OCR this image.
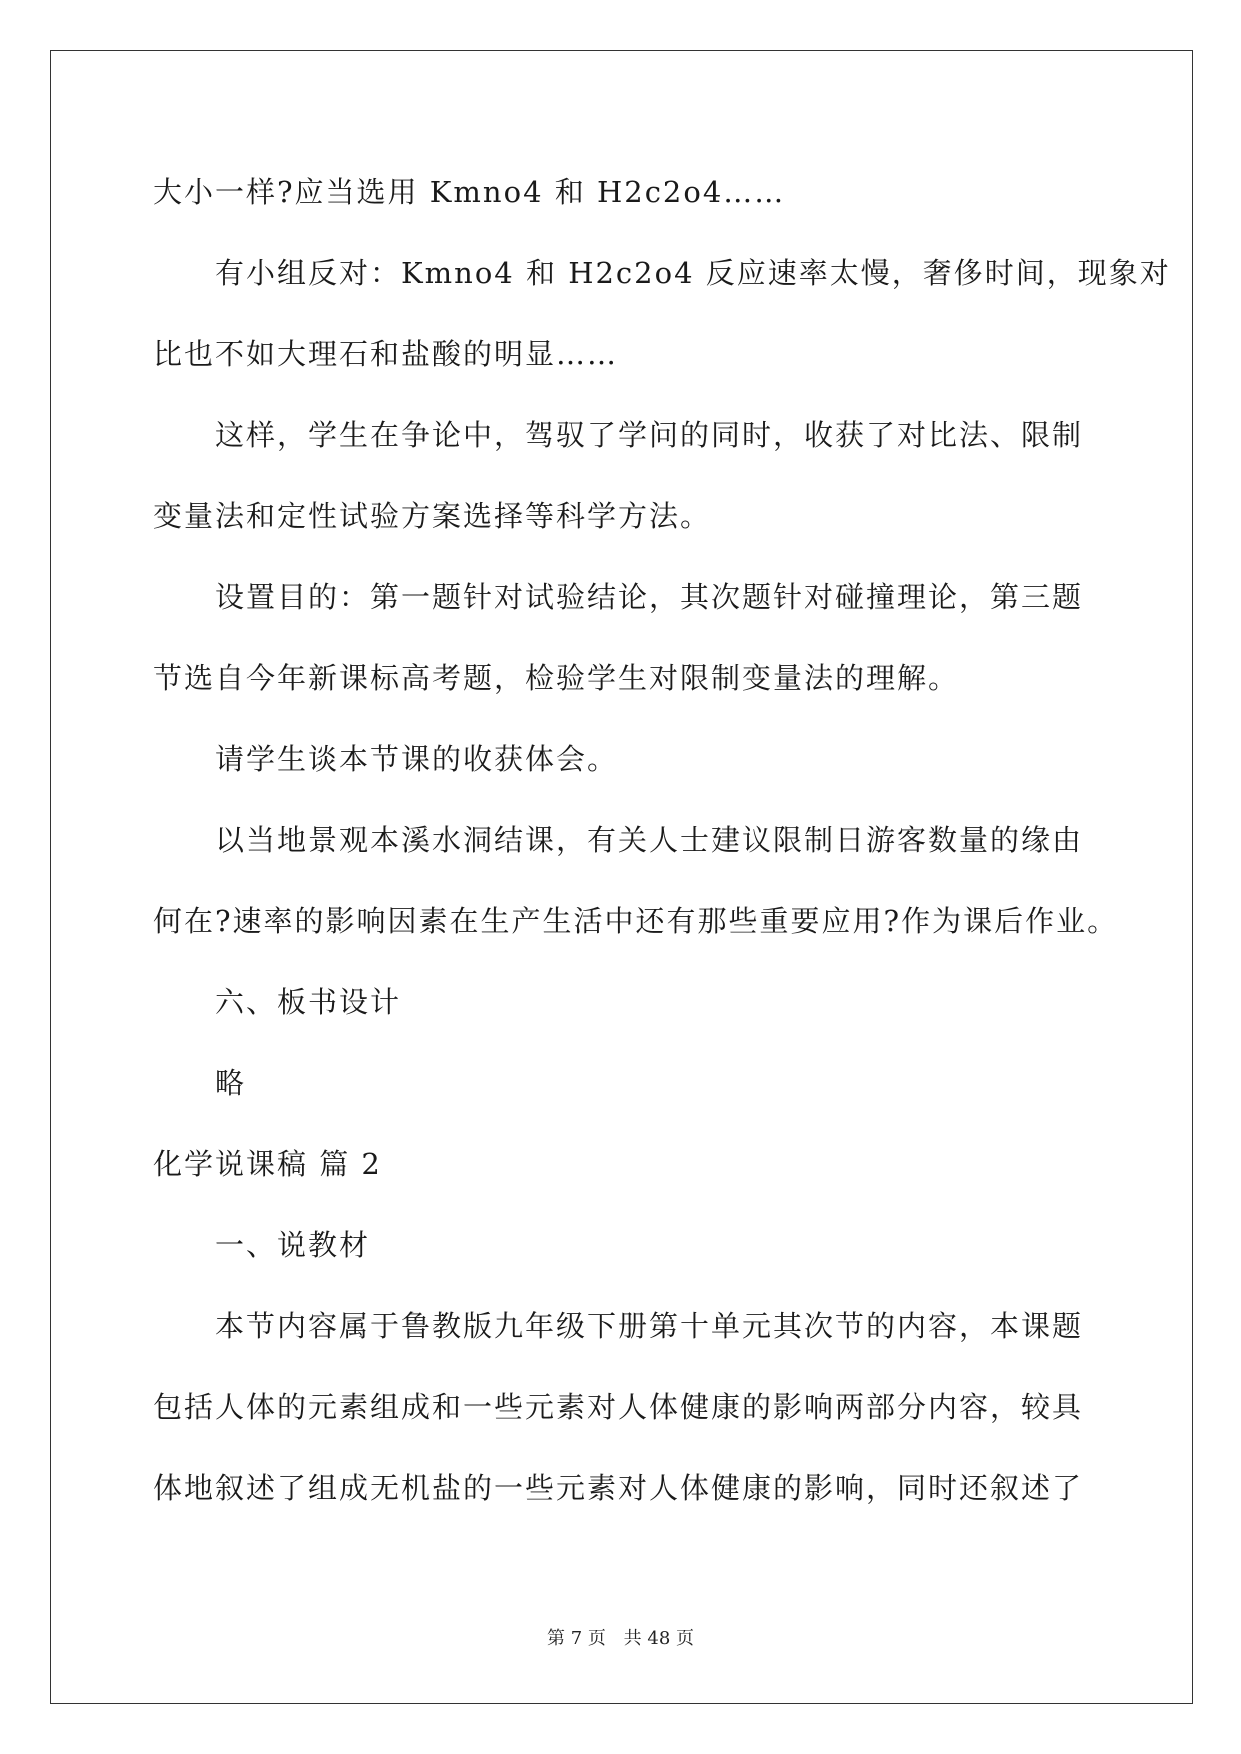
大小一样?应当选用 Kmno4 和 H2c2o4……
有小组反对：Kmno4 和 H2c2o4 反应速率太慢，奢侈时间，现象对
比也不如大理石和盐酸的明显……
这样，学生在争论中，驾驭了学问的同时，收获了对比法、限制
变量法和定性试验方案选择等科学方法。
设置目的：第一题针对试验结论，其次题针对碰撞理论，第三题
节选自今年新课标高考题，检验学生对限制变量法的理解。
请学生谈本节课的收获体会。
以当地景观本溪水洞结课，有关人士建议限制日游客数量的缘由
何在?速率的影响因素在生产生活中还有那些重要应用?作为课后作业。
六、板书设计
略
化学说课稿 篇 2
一、说教材
本节内容属于鲁教版九年级下册第十单元其次节的内容，本课题
包括人体的元素组成和一些元素对人体健康的影响两部分内容，较具
体地叙述了组成无机盐的一些元素对人体健康的影响，同时还叙述了
第 7 页 共 48 页
